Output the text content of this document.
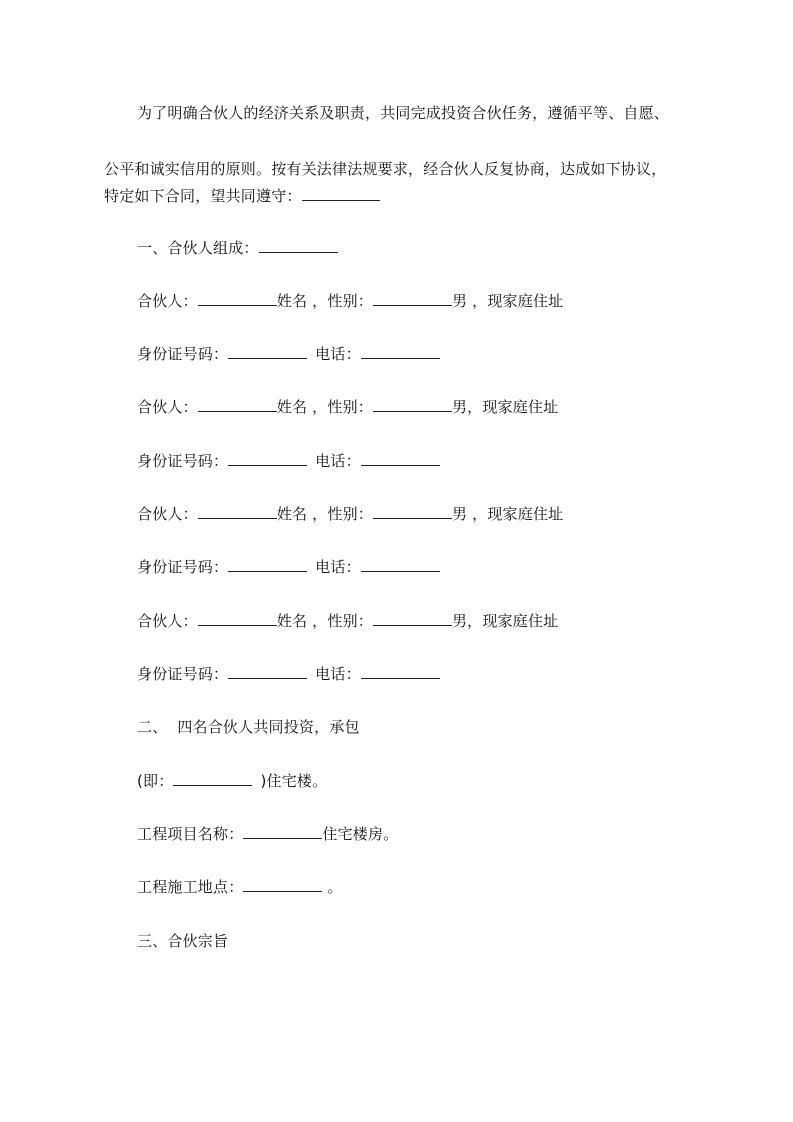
为了明确合伙人的经济关系及职责，共同完成投资合伙任务，遵循平等、自愿、
公平和诚实信用的原则。按有关法律法规要求，经合伙人反复协商，达成如下协议，
特定如下合同，望共同遵守：
一、合伙人组成：
合伙人：	姓名 ，性别：	男 ，现家庭住址
身份证号码：	电话：
合伙人：	姓名 ，性别：	男，现家庭住址
身份证号码：	电话：
合伙人：	姓名 ，性别：	男 ，现家庭住址
身份证号码：	电话：
合伙人：	姓名 ，性别：	男，现家庭住址
身份证号码：	电话：
二、  四名合伙人共同投资，承包
(即：	)住宅楼。
工程项目名称：	住宅楼房。
工程施工地点：	。
三、合伙宗旨
